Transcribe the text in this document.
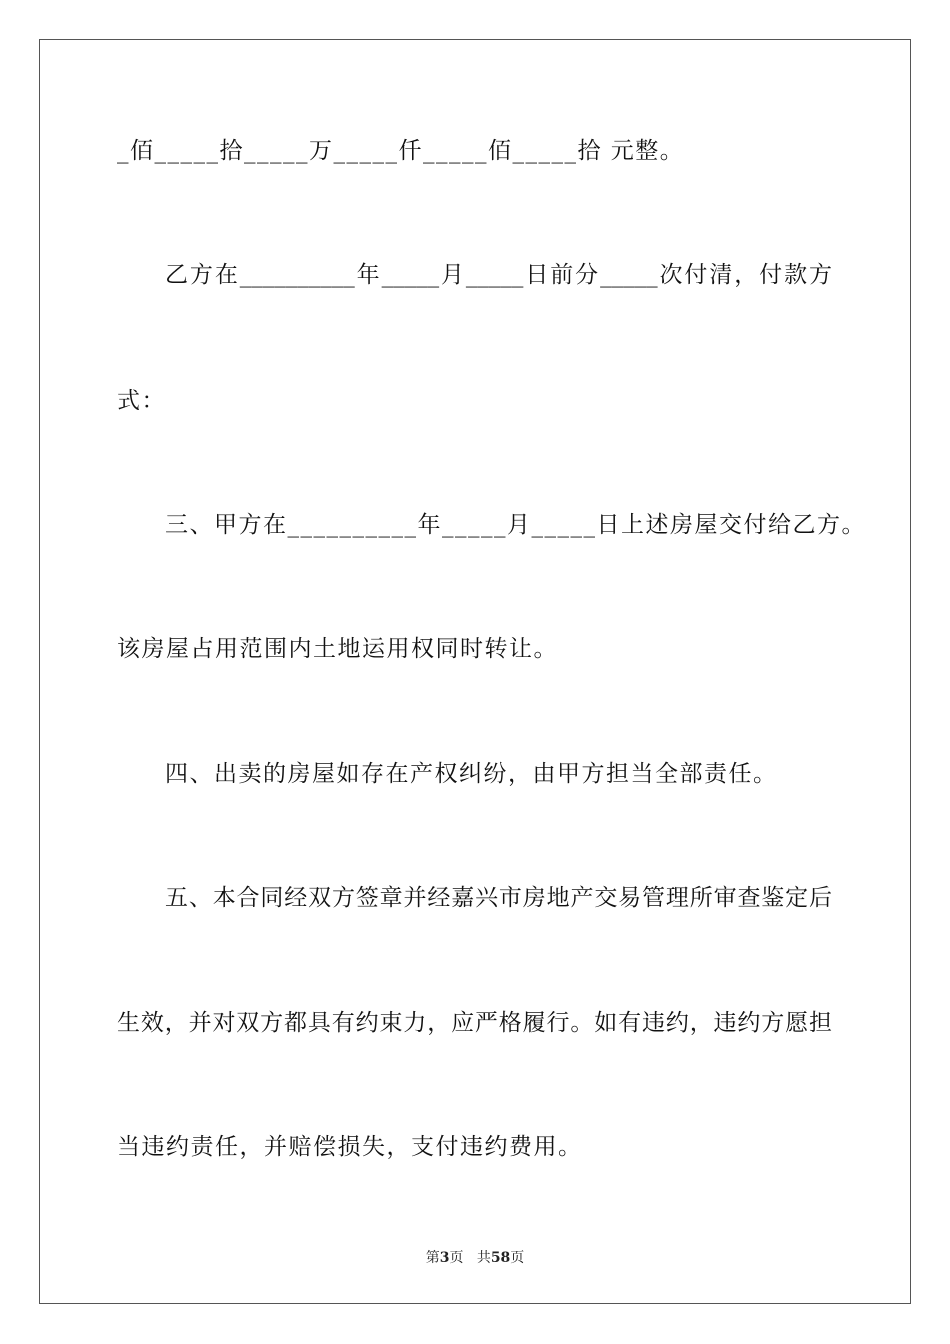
_佰_____拾_____万_____仟_____佰_____拾 元整。
乙方在__________年_____月_____日前分_____次付清，付款方
式：
三、甲方在__________年_____月_____日上述房屋交付给乙方。
该房屋占用范围内土地运用权同时转让。
四、出卖的房屋如存在产权纠纷，由甲方担当全部责任。
五、本合同经双方签章并经嘉兴市房地产交易管理所审查鉴定后
生效，并对双方都具有约束力，应严格履行。如有违约，违约方愿担
当违约责任，并赔偿损失，支付违约费用。
第3页 共58页
